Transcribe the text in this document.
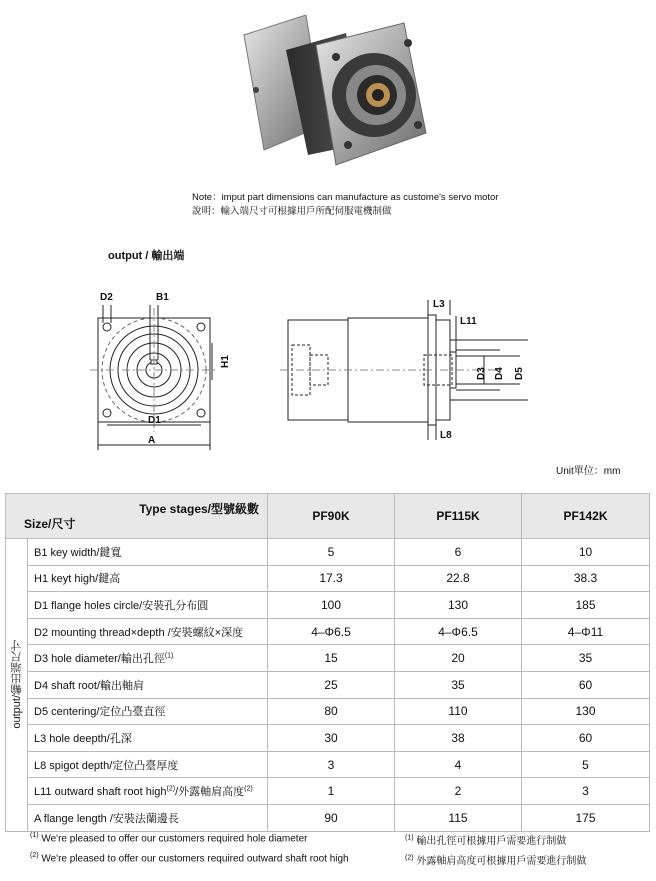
Note：imput part dimensions can manufacture as custome's servo motor
說明：輸入端尺寸可根據用戶所配伺服電機制做
output / 輸出端
D2	B1
D1
A
H1
L3
L11
D3 D4 D5
L8
Unit單位：mm
Type stages/型號級數
Size/尺寸		PF90K	PF115K	PF142K

output/輸出端尺寸	B1 key width/鍵寬	5	6	10
	H1 keyt high/鍵高	17.3	22.8	38.3
	D1 flange holes circle/安裝孔分布圓	100	130	185
	D2 mounting thread×depth /安裝螺紋×深度	4–Φ6.5	4–Φ6.5	4–Φ11
	D3 hole diameter/輸出孔徑$^{(1)}$	15	20	35
	D4 shaft root/輸出軸肩	25	35	60
	D5 centering/定位凸臺直徑	80	110	130
	L3 hole deepth/孔深	30	38	60
	L8 spigot depth/定位凸臺厚度	3	4	5
	L11 outward shaft root high$^{(2)}$/外露軸肩高度$^{(2)}$	1	2	3
	A flange length /安裝法蘭邊長	90	115	175
$^{(1)}$ We're pleased to offer our customers required hole diameter	$^{(1)}$ 輸出孔徑可根據用戶需要進行制做
$^{(2)}$ We're pleased to offer our customers required outward shaft root high	$^{(2)}$ 外露軸肩高度可根據用戶需要進行制做
